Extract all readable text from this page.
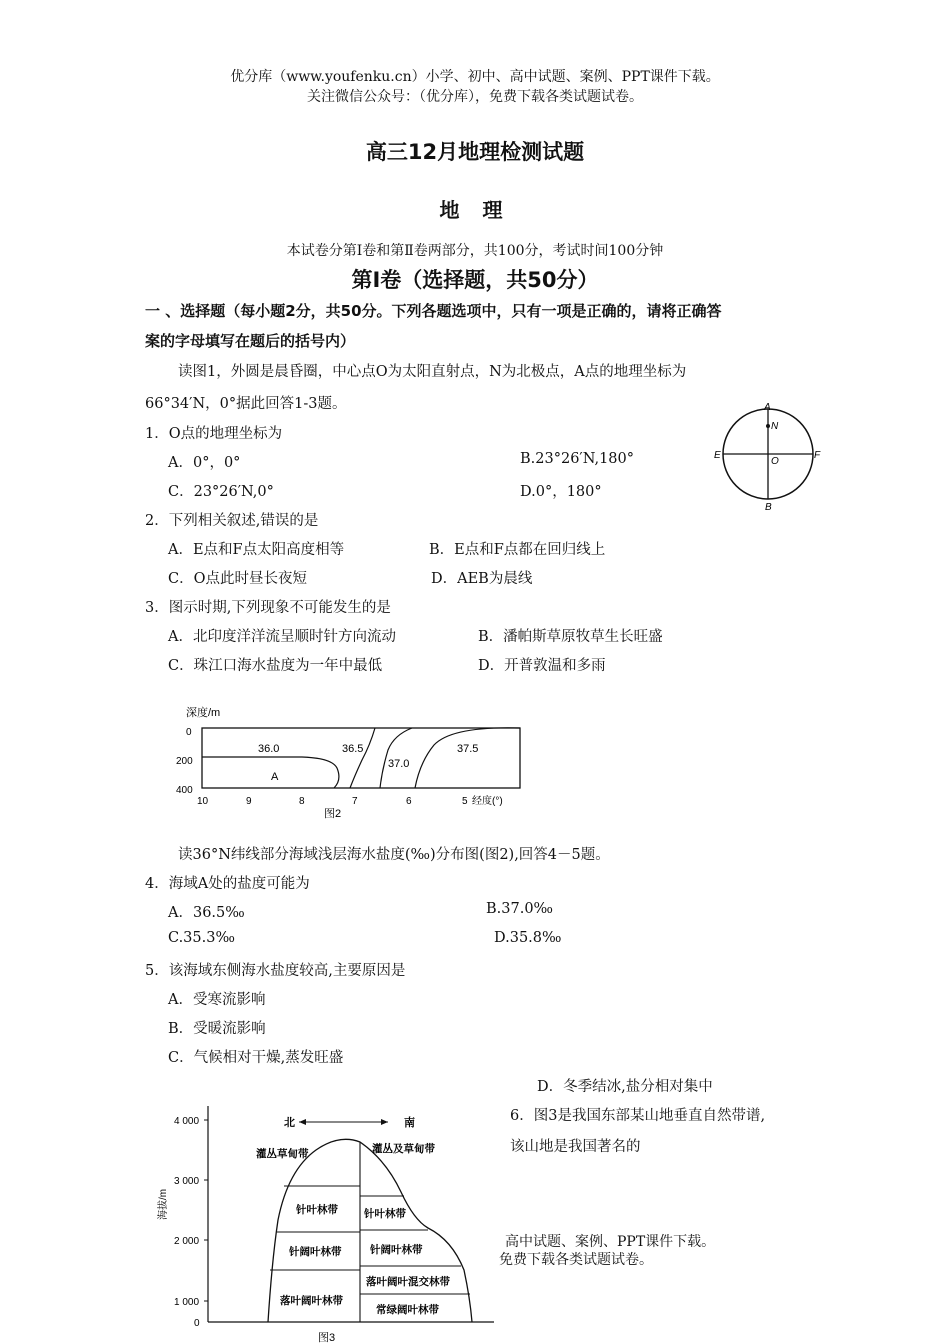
优分库（www.youfenku.cn）小学、初中、高中试题、案例、PPT课件下载。
关注微信公众号：（优分库），免费下载各类试题试卷。
高三12月地理检测试题
地 理
本试卷分第Ⅰ卷和第Ⅱ卷两部分，共100分，考试时间100分钟
第Ⅰ卷（选择题，共50分）
一 、选择题（每小题2分，共50分。下列各题选项中，只有一项是正确的，请将正确答
案的字母填写在题后的括号内）
读图1，外圆是晨昏圈，中心点O为太阳直射点，N为北极点，A点的地理坐标为
66°34′N，0°据此回答1-3题。	A
N
E
O
F
B
1．O点的地理坐标为
A．0°，0°	B.23°26′N,180°
C．23°26′N,0°	D.0°，180°
2．下列相关叙述,错误的是
A．E点和F点太阳高度相等	B．E点和F点都在回归线上
C．O点此时昼长夜短	D．AEB为晨线
3．图示时期,下列现象不可能发生的是
A．北印度洋洋流呈顺时针方向流动	B．潘帕斯草原牧草生长旺盛
C．珠江口海水盐度为一年中最低	D．开普敦温和多雨
深度/m
0
200
400
36.0	36.5
37.0
37.5
A
10	9	8	7	6	5 经度(°)
图2
读36°N纬线部分海域浅层海水盐度(‰)分布图(图2),回答4－5题。
4．海域A处的盐度可能为
A．36.5‰	B.37.0‰
C.35.3‰	D.35.8‰
5．该海域东侧海水盐度较高,主要原因是
A．受寒流影响
B．受暖流影响
C．气候相对干燥,蒸发旺盛
D．冬季结冰,盐分相对集中
6．图3是我国东部某山地垂直自然带谱,
该山地是我国著名的
4 000
3 000
2 000
1 000
0
海拔/m
北	南
灌丛草甸带
针叶林带
针阔叶林带
落叶阔叶林带
灌丛及草甸带
针叶林带
针阔叶林带
落叶阔叶混交林带
常绿阔叶林带
图3
高中试题、案例、PPT课件下载。
免费下载各类试题试卷。
